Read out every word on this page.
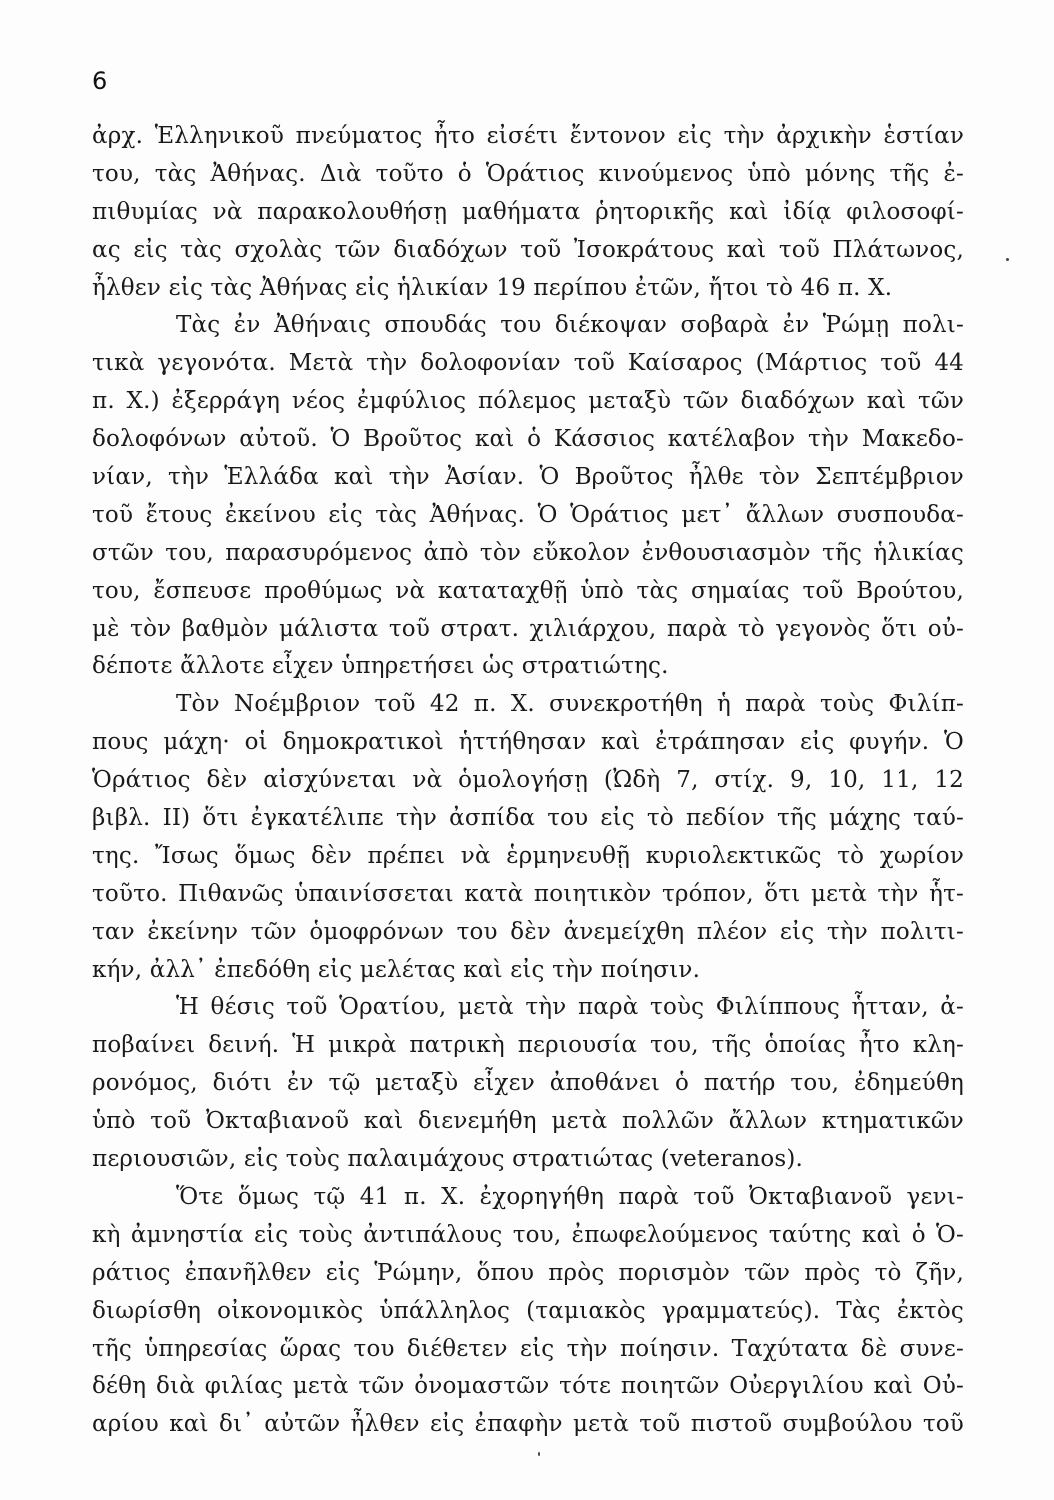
6
ἀρχ. Ἑλληνικοῦ πνεύματος ἦτο εἰσέτι ἔντονον εἰς τὴν ἀρχικὴν ἑστίαν
του, τὰς Ἀθήνας. Διὰ τοῦτο ὁ Ὁράτιος κινούμενος ὑπὸ μόνης τῆς ἐ-
πιθυμίας νὰ παρακολουθήσῃ μαθήματα ῥητορικῆς καὶ ἰδίᾳ φιλοσοφί-
ας εἰς τὰς σχολὰς τῶν διαδόχων τοῦ Ἰσοκράτους καὶ τοῦ Πλάτωνος,
ἦλθεν εἰς τὰς Ἀθήνας εἰς ἡλικίαν 19 περίπου ἐτῶν, ἤτοι τὸ 46 π. Χ.
Τὰς ἐν Ἀθήναις σπουδάς του διέκοψαν σοβαρὰ ἐν Ῥώμῃ πολι-
τικὰ γεγονότα. Μετὰ τὴν δολοφονίαν τοῦ Καίσαρος (Μάρτιος τοῦ 44
π. Χ.) ἐξερράγη νέος ἐμφύλιος πόλεμος μεταξὺ τῶν διαδόχων καὶ τῶν
δολοφόνων αὐτοῦ. Ὁ Βροῦτος καὶ ὁ Κάσσιος κατέλαβον τὴν Μακεδο-
νίαν, τὴν Ἑλλάδα καὶ τὴν Ἀσίαν. Ὁ Βροῦτος ἦλθε τὸν Σεπτέμβριον
τοῦ ἔτους ἐκείνου εἰς τὰς Ἀθήνας. Ὁ Ὁράτιος μετ᾿ ἄλλων συσπουδα-
στῶν του, παρασυρόμενος ἀπὸ τὸν εὔκολον ἐνθουσιασμὸν τῆς ἡλικίας
του, ἔσπευσε προθύμως νὰ καταταχθῇ ὑπὸ τὰς σημαίας τοῦ Βρούτου,
μὲ τὸν βαθμὸν μάλιστα τοῦ στρατ. χιλιάρχου, παρὰ τὸ γεγονὸς ὅτι οὐ-
δέποτε ἄλλοτε εἶχεν ὑπηρετήσει ὡς στρατιώτης.
Τὸν Νοέμβριον τοῦ 42 π. Χ. συνεκροτήθη ἡ παρὰ τοὺς Φιλίπ-
πους μάχη· οἱ δημοκρατικοὶ ἡττήθησαν καὶ ἐτράπησαν εἰς φυγήν. Ὁ
Ὁράτιος δὲν αἰσχύνεται νὰ ὁμολογήσῃ (Ὠδὴ 7, στίχ. 9, 10, 11, 12
βιβλ. ΙΙ) ὅτι ἐγκατέλιπε τὴν ἀσπίδα του εἰς τὸ πεδίον τῆς μάχης ταύ-
της. Ἴσως ὅμως δὲν πρέπει νὰ ἑρμηνευθῇ κυριολεκτικῶς τὸ χωρίον
τοῦτο. Πιθανῶς ὑπαινίσσεται κατὰ ποιητικὸν τρόπον, ὅτι μετὰ τὴν ἧτ-
ταν ἐκείνην τῶν ὁμοφρόνων του δὲν ἀνεμείχθη πλέον εἰς τὴν πολιτι-
κήν, ἀλλ᾿ ἐπεδόθη εἰς μελέτας καὶ εἰς τὴν ποίησιν.
Ἡ θέσις τοῦ Ὁρατίου, μετὰ τὴν παρὰ τοὺς Φιλίππους ἧτταν, ἀ-
ποβαίνει δεινή. Ἡ μικρὰ πατρικὴ περιουσία του, τῆς ὁποίας ἦτο κλη-
ρονόμος, διότι ἐν τῷ μεταξὺ εἶχεν ἀποθάνει ὁ πατήρ του, ἐδημεύθη
ὑπὸ τοῦ Ὀκταβιανοῦ καὶ διενεμήθη μετὰ πολλῶν ἄλλων κτηματικῶν
περιουσιῶν, εἰς τοὺς παλαιμάχους στρατιώτας (veteranos).
Ὅτε ὅμως τῷ 41 π. Χ. ἐχορηγήθη παρὰ τοῦ Ὀκταβιανοῦ γενι-
κὴ ἀμνηστία εἰς τοὺς ἀντιπάλους του, ἐπωφελούμενος ταύτης καὶ ὁ Ὁ-
ράτιος ἐπανῆλθεν εἰς Ῥώμην, ὅπου πρὸς πορισμὸν τῶν πρὸς τὸ ζῆν,
διωρίσθη οἰκονομικὸς ὑπάλληλος (ταμιακὸς γραμματεύς). Τὰς ἐκτὸς
τῆς ὑπηρεσίας ὥρας του διέθετεν εἰς τὴν ποίησιν. Ταχύτατα δὲ συνε-
δέθη διὰ φιλίας μετὰ τῶν ὀνομαστῶν τότε ποιητῶν Οὐεργιλίου καὶ Οὐ-
αρίου καὶ δι᾿ αὐτῶν ἦλθεν εἰς ἐπαφὴν μετὰ τοῦ πιστοῦ συμβούλου τοῦ
